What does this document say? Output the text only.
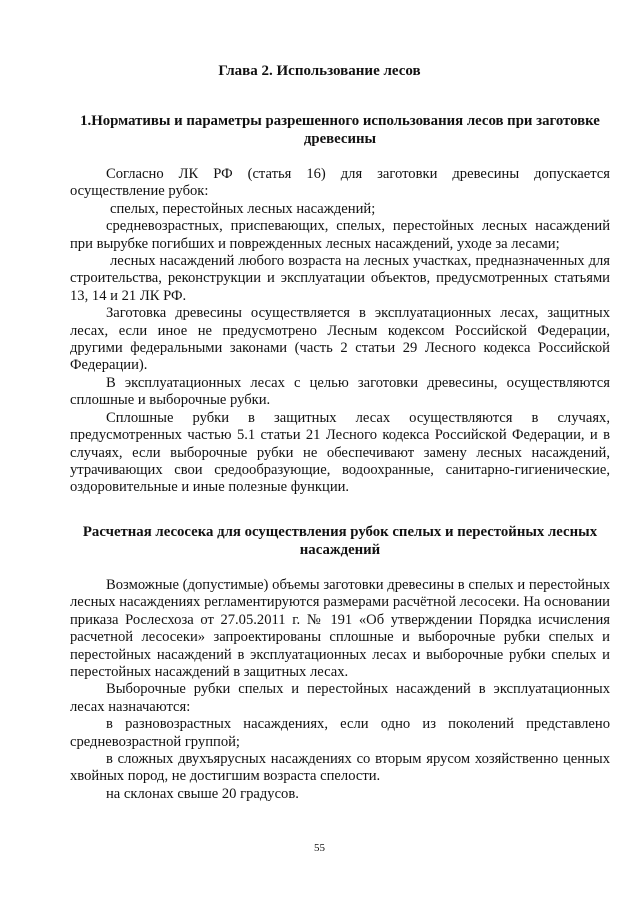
Глава 2. Использование лесов
1.Нормативы и параметры разрешенного использования лесов при заготовке древесины

Согласно ЛК РФ (статья 16) для заготовки древесины допускается осуществление рубок:

спелых, перестойных лесных насаждений;

средневозрастных, приспевающих, спелых, перестойных лесных насаждений при вырубке погибших и поврежденных лесных насаждений, уходе за лесами;

лесных насаждений любого возраста на лесных участках, предназначенных для строительства, реконструкции и эксплуатации объектов, предусмотренных статьями 13, 14 и 21 ЛК РФ.

Заготовка древесины осуществляется в эксплуатационных лесах, защитных лесах, если иное не предусмотрено Лесным кодексом Российской Федерации, другими федеральными законами (часть 2 статьи 29 Лесного кодекса Российской Федерации).

В эксплуатационных лесах с целью заготовки древесины, осуществляются сплошные и выборочные рубки.

Сплошные рубки в защитных лесах осуществляются в случаях, предусмотренных частью 5.1 статьи 21 Лесного кодекса Российской Федерации, и в случаях, если выборочные рубки не обеспечивают замену лесных насаждений, утрачивающих свои средообразующие, водоохранные, санитарно-гигиенические, оздоровительные и иные полезные функции.

Расчетная лесосека для осуществления рубок спелых и перестойных лесных насаждений

Возможные (допустимые) объемы заготовки древесины в спелых и перестойных лесных насаждениях регламентируются размерами расчётной лесосеки. На основании приказа Рослесхоза от 27.05.2011 г. № 191 «Об утверждении Порядка исчисления расчетной лесосеки» запроектированы сплошные и выборочные рубки спелых и перестойных насаждений в эксплуатационных лесах и выборочные рубки спелых и перестойных насаждений в защитных лесах.

Выборочные рубки спелых и перестойных насаждений в эксплуатационных лесах назначаются:

в разновозрастных насаждениях, если одно из поколений представлено средневозрастной группой;

в сложных двухъярусных насаждениях со вторым ярусом хозяйственно ценных хвойных пород, не достигшим возраста спелости.

на склонах свыше 20 градусов.

55
